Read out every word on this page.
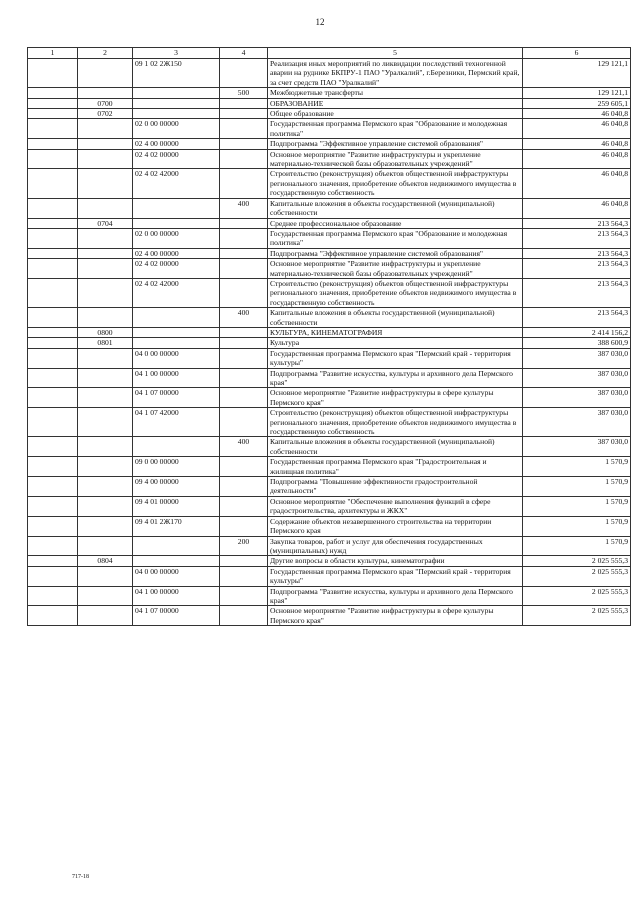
12
1	2	3	4	5	6
		09 1 02 2Ж150		Реализация иных мероприятий по ликвидации последствий техногенной аварии на руднике БКПРУ-1 ПАО "Уралкалий", г.Березники, Пермский край, за счет средств ПАО "Уралкалий"	129 121,1
			500	Межбюджетные трансферты	129 121,1
	0700			ОБРАЗОВАНИЕ	259 605,1
	0702			Общее образование	46 040,8
		02 0 00 00000		Государственная программа Пермского края "Образование и молодежная политика"	46 040,8
		02 4 00 00000		Подпрограмма "Эффективное управление системой образования"	46 040,8
		02 4 02 00000		Основное мероприятие "Развитие инфраструктуры и укрепление материально-технической базы образовательных учреждений"	46 040,8
		02 4 02 42000		Строительство (реконструкция) объектов общественной инфраструктуры регионального значения, приобретение объектов недвижимого имущества в государственную собственность	46 040,8
			400	Капитальные вложения в объекты государственной (муниципальной) собственности	46 040,8
	0704			Среднее профессиональное образование	213 564,3
		02 0 00 00000		Государственная программа Пермского края "Образование и молодежная политика"	213 564,3
		02 4 00 00000		Подпрограмма "Эффективное управление системой образования"	213 564,3
		02 4 02 00000		Основное мероприятие "Развитие инфраструктуры и укрепление материально-технической базы образовательных учреждений"	213 564,3
		02 4 02 42000		Строительство (реконструкция) объектов общественной инфраструктуры регионального значения, приобретение объектов недвижимого имущества в государственную собственность	213 564,3
			400	Капитальные вложения в объекты государственной (муниципальной) собственности	213 564,3
	0800			КУЛЬТУРА, КИНЕМАТОГРАФИЯ	2 414 156,2
	0801			Культура	388 600,9
		04 0 00 00000		Государственная программа Пермского края "Пермский край - территория культуры"	387 030,0
		04 1 00 00000		Подпрограмма "Развитие искусства, культуры и архивного дела Пермского края"	387 030,0
		04 1 07 00000		Основное мероприятие "Развитие инфраструктуры в сфере культуры Пермского края"	387 030,0
		04 1 07 42000		Строительство (реконструкция) объектов общественной инфраструктуры регионального значения, приобретение объектов недвижимого имущества в государственную собственность	387 030,0
			400	Капитальные вложения в объекты государственной (муниципальной) собственности	387 030,0
		09 0 00 00000		Государственная программа Пермского края "Градостроительная и жилищная политика"	1 570,9
		09 4 00 00000		Подпрограмма "Повышение эффективности градостроительной деятельности"	1 570,9
		09 4 01 00000		Основное мероприятие "Обеспечение выполнения функций в сфере градостроительства, архитектуры и ЖКХ"	1 570,9
		09 4 01 2Ж170		Содержание объектов незавершенного строительства на территории Пермского края	1 570,9
			200	Закупка товаров, работ и услуг для обеспечения государственных (муниципальных) нужд	1 570,9
	0804			Другие вопросы в области культуры, кинематографии	2 025 555,3
		04 0 00 00000		Государственная программа Пермского края "Пермский край - территория культуры"	2 025 555,3
		04 1 00 00000		Подпрограмма "Развитие искусства, культуры и архивного дела Пермского края"	2 025 555,3
		04 1 07 00000		Основное мероприятие "Развитие инфраструктуры в сфере культуры Пермского края"	2 025 555,3
717-18
